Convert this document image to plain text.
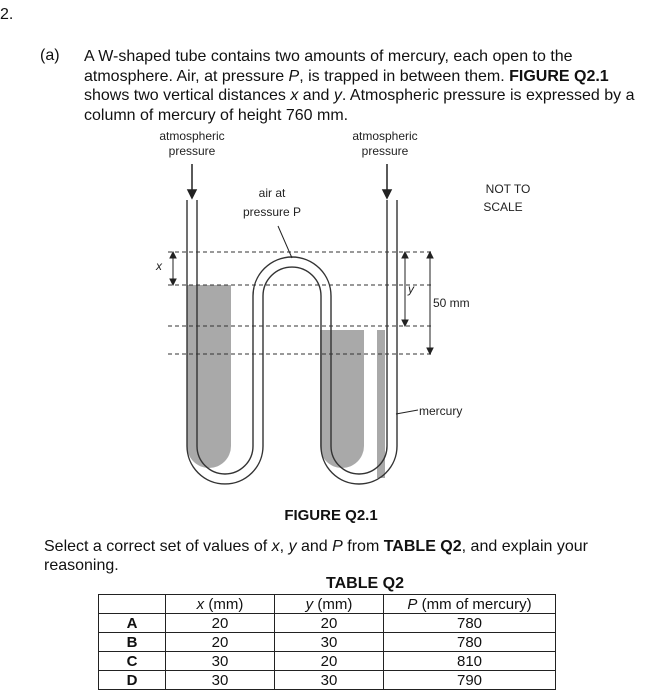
2.
(a) A W-shaped tube contains two amounts of mercury, each open to the atmosphere. Air, at pressure P, is trapped in between them. FIGURE Q2.1 shows two vertical distances x and y. Atmospheric pressure is expressed by a column of mercury of height 760 mm.

atmospheric
pressure
atmospheric
pressure
air at
pressure P
NOT TO
SCALE
x
y
50 mm
mercury
FIGURE Q2.1

Select a correct set of values of x, y and P from TABLE Q2, and explain your reasoning.

TABLE Q2
	x (mm)	y (mm)	P (mm of mercury)
A	20	20	780
B	20	30	780
C	30	20	810
D	30	30	790
